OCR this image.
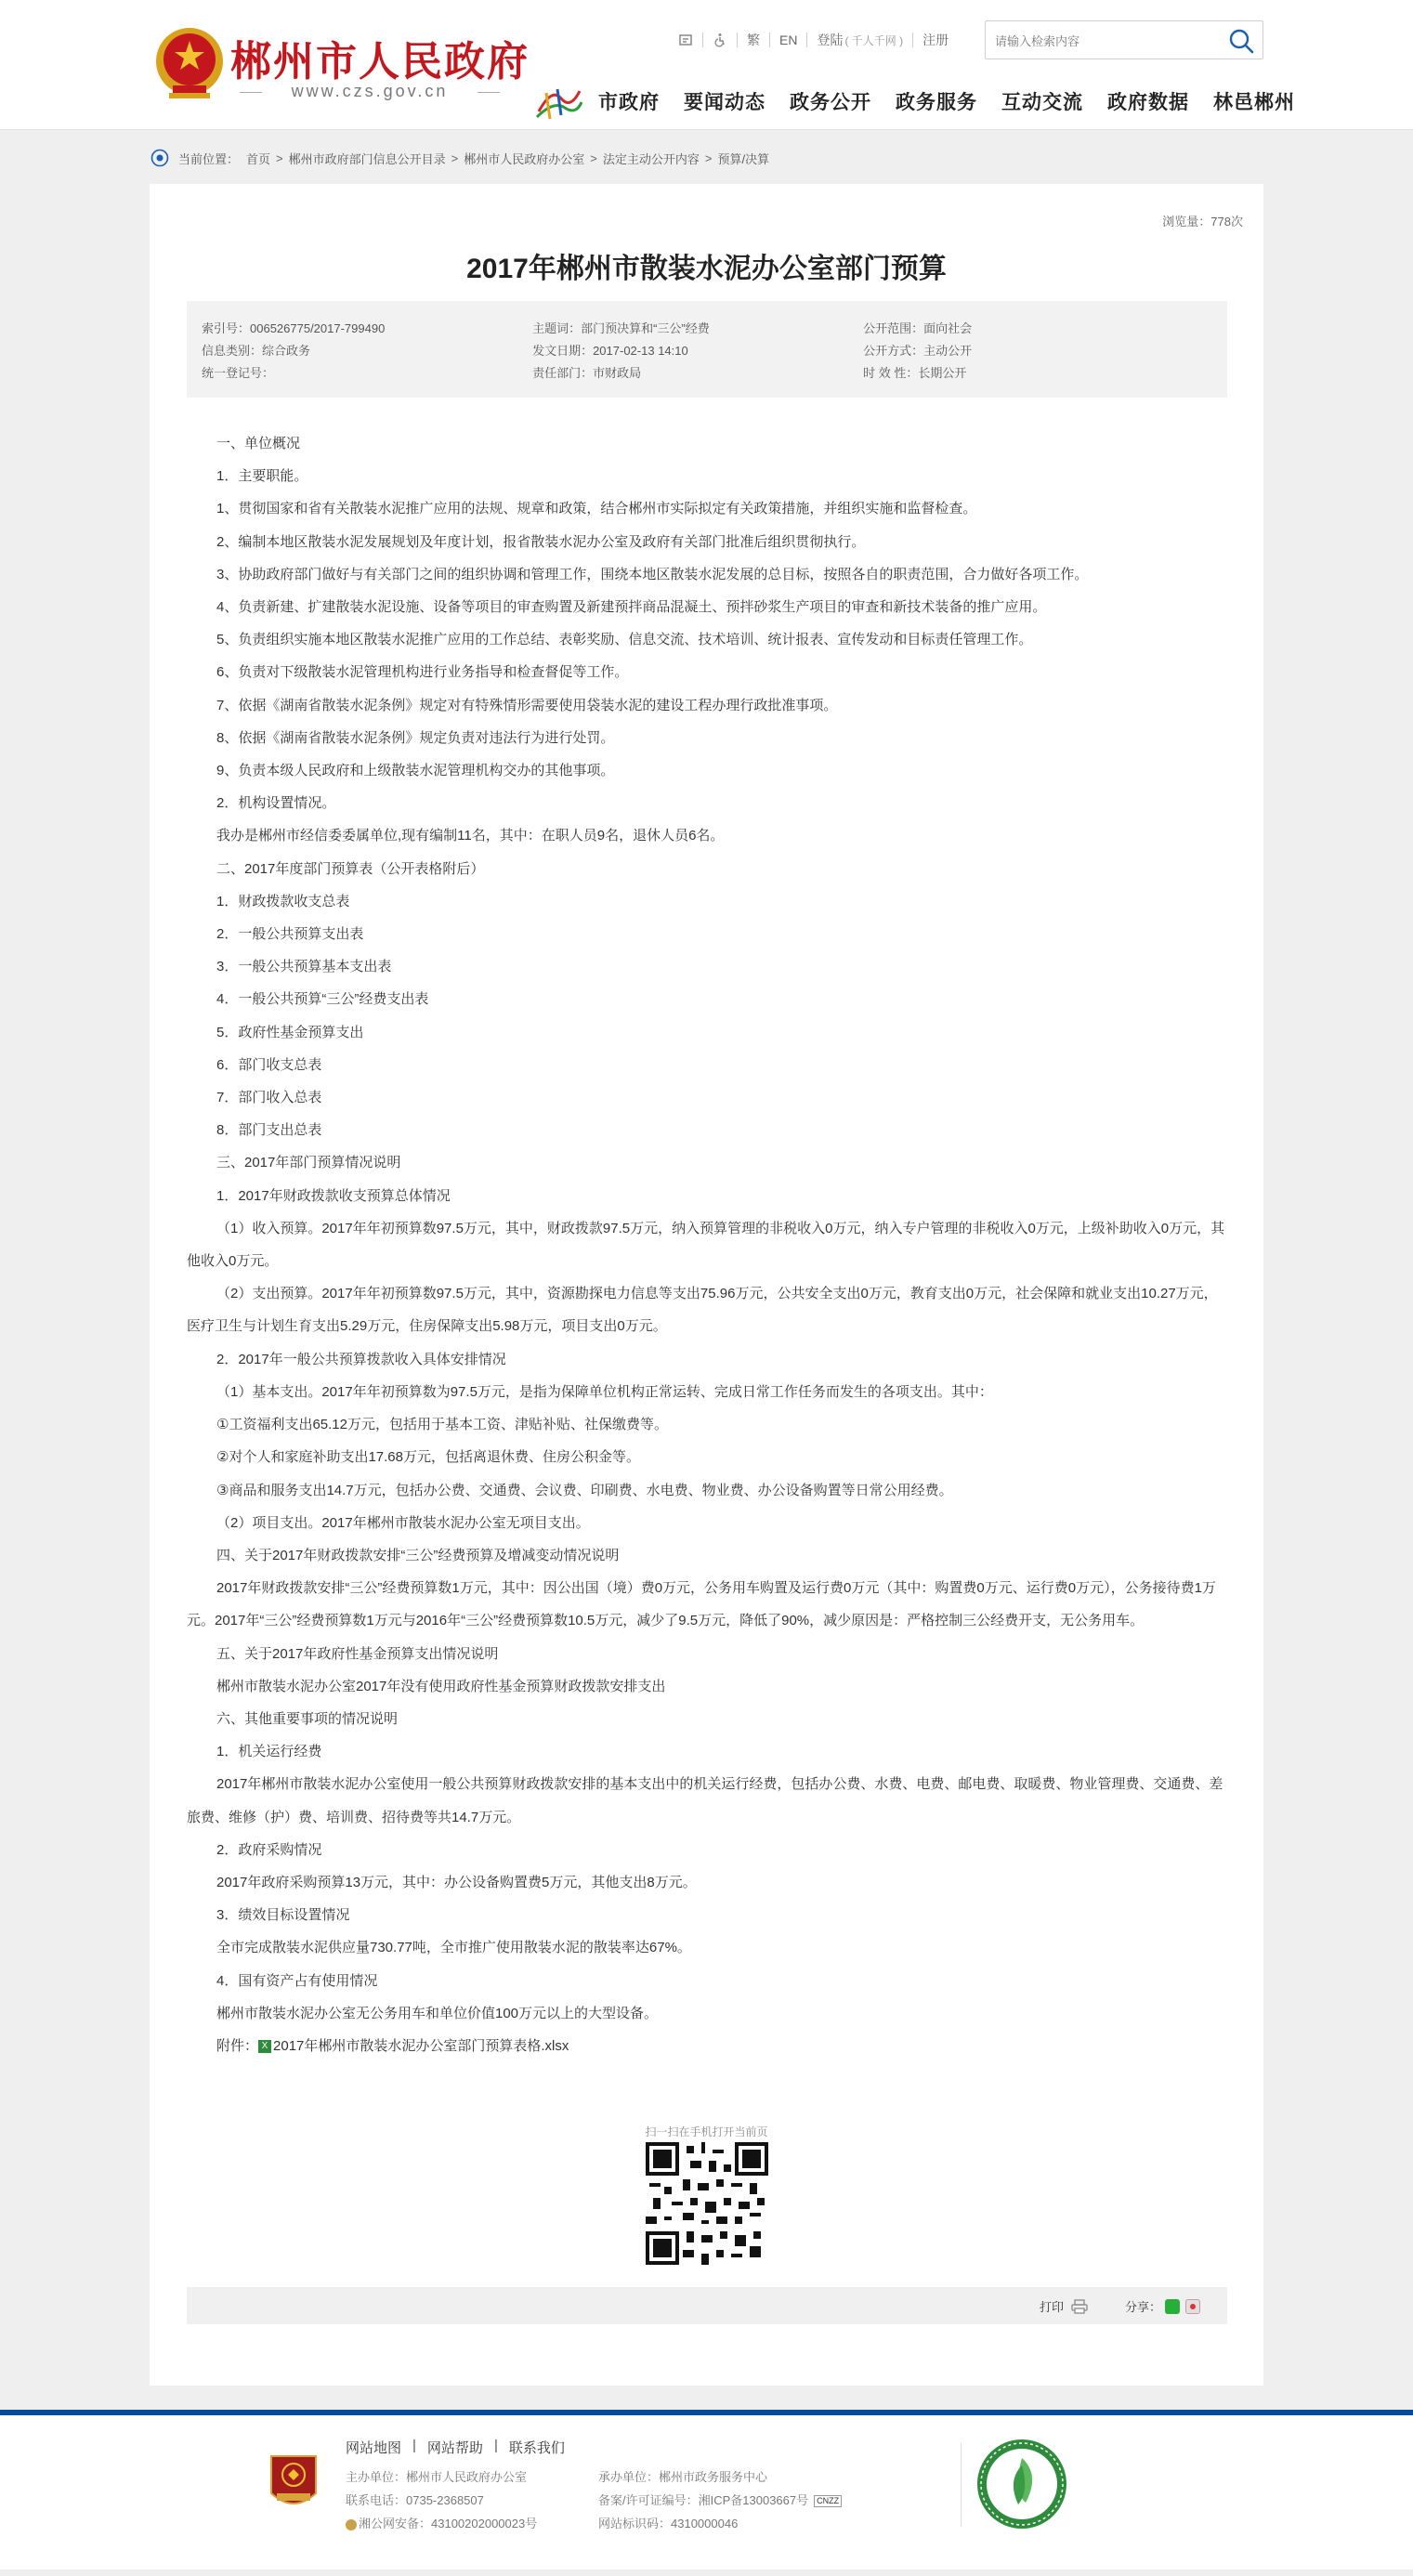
郴州市人民政府
www.czs.gov.cn
繁	EN	登陆 ( 千人千网 )	注册
请输入检索内容
市政府 要闻动态 政务公开 政务服务 互动交流 政府数据 林邑郴州
当前位置： 首页 > 郴州市政府部门信息公开目录 > 郴州市人民政府办公室 > 法定主动公开内容 > 预算/决算
浏览量：778次
2017年郴州市散装水泥办公室部门预算
索引号：006526775/2017-799490	主题词：部门预决算和“三公”经费	公开范围：面向社会
信息类别：综合政务	发文日期：2017-02-13 14:10	公开方式：主动公开
统一登记号：	责任部门：市财政局	时 效 性：长期公开

一、单位概况

1．主要职能。

1、贯彻国家和省有关散装水泥推广应用的法规、规章和政策，结合郴州市实际拟定有关政策措施，并组织实施和监督检查。

2、编制本地区散装水泥发展规划及年度计划，报省散装水泥办公室及政府有关部门批准后组织贯彻执行。

3、协助政府部门做好与有关部门之间的组织协调和管理工作，围绕本地区散装水泥发展的总目标，按照各自的职责范围，合力做好各项工作。

4、负责新建、扩建散装水泥设施、设备等项目的审查购置及新建预拌商品混凝土、预拌砂浆生产项目的审查和新技术装备的推广应用。

5、负责组织实施本地区散装水泥推广应用的工作总结、表彰奖励、信息交流、技术培训、统计报表、宣传发动和目标责任管理工作。

6、负责对下级散装水泥管理机构进行业务指导和检查督促等工作。

7、依据《湖南省散装水泥条例》规定对有特殊情形需要使用袋装水泥的建设工程办理行政批准事项。

8、依据《湖南省散装水泥条例》规定负责对违法行为进行处罚。

9、负责本级人民政府和上级散装水泥管理机构交办的其他事项。

2．机构设置情况。

我办是郴州市经信委委属单位,现有编制11名，其中：在职人员9名，退休人员6名。

二、2017年度部门预算表（公开表格附后）

1．财政拨款收支总表

2．一般公共预算支出表

3．一般公共预算基本支出表

4．一般公共预算“三公”经费支出表

5．政府性基金预算支出

6．部门收支总表

7．部门收入总表

8．部门支出总表

三、2017年部门预算情况说明

1．2017年财政拨款收支预算总体情况

（1）收入预算。2017年年初预算数97.5万元，其中，财政拨款97.5万元，纳入预算管理的非税收入0万元，纳入专户管理的非税收入0万元，上级补助收入0万元，其他收入0万元。

（2）支出预算。2017年年初预算数97.5万元，其中，资源勘探电力信息等支出75.96万元，公共安全支出0万元，教育支出0万元，社会保障和就业支出10.27万元，医疗卫生与计划生育支出5.29万元，住房保障支出5.98万元，项目支出0万元。

2．2017年一般公共预算拨款收入具体安排情况

（1）基本支出。2017年年初预算数为97.5万元，是指为保障单位机构正常运转、完成日常工作任务而发生的各项支出。其中：

①工资福利支出65.12万元，包括用于基本工资、津贴补贴、社保缴费等。

②对个人和家庭补助支出17.68万元，包括离退休费、住房公积金等。

③商品和服务支出14.7万元，包括办公费、交通费、会议费、印刷费、水电费、物业费、办公设备购置等日常公用经费。

（2）项目支出。2017年郴州市散装水泥办公室无项目支出。

四、关于2017年财政拨款安排“三公”经费预算及增减变动情况说明

2017年财政拨款安排“三公”经费预算数1万元，其中：因公出国（境）费0万元，公务用车购置及运行费0万元（其中：购置费0万元、运行费0万元），公务接待费1万元。2017年“三公”经费预算数1万元与2016年“三公”经费预算数10.5万元，减少了9.5万元，降低了90%，减少原因是：严格控制三公经费开支，无公务用车。

五、关于2017年政府性基金预算支出情况说明

郴州市散装水泥办公室2017年没有使用政府性基金预算财政拨款安排支出

六、其他重要事项的情况说明

1．机关运行经费

2017年郴州市散装水泥办公室使用一般公共预算财政拨款安排的基本支出中的机关运行经费，包括办公费、水费、电费、邮电费、取暖费、物业管理费、交通费、差旅费、维修（护）费、培训费、招待费等共14.7万元。

2．政府采购情况

2017年政府采购预算13万元，其中：办公设备购置费5万元，其他支出8万元。

3．绩效目标设置情况

全市完成散装水泥供应量730.77吨，全市推广使用散装水泥的散装率达67%。

4．国有资产占有使用情况

郴州市散装水泥办公室无公务用车和单位价值100万元以上的大型设备。

附件： X 2017年郴州市散装水泥办公室部门预算表格.xlsx

扫一扫在手机打开当前页
打印	分享：
网站地图 | 网站帮助 | 联系我们
主办单位：郴州市人民政府办公室
联系电话：0735-2368507
湘公网安备：43100202000023号
承办单位：郴州市政务服务中心
备案/许可证编号：湘ICP备13003667号 CNZZ
网站标识码：4310000046
